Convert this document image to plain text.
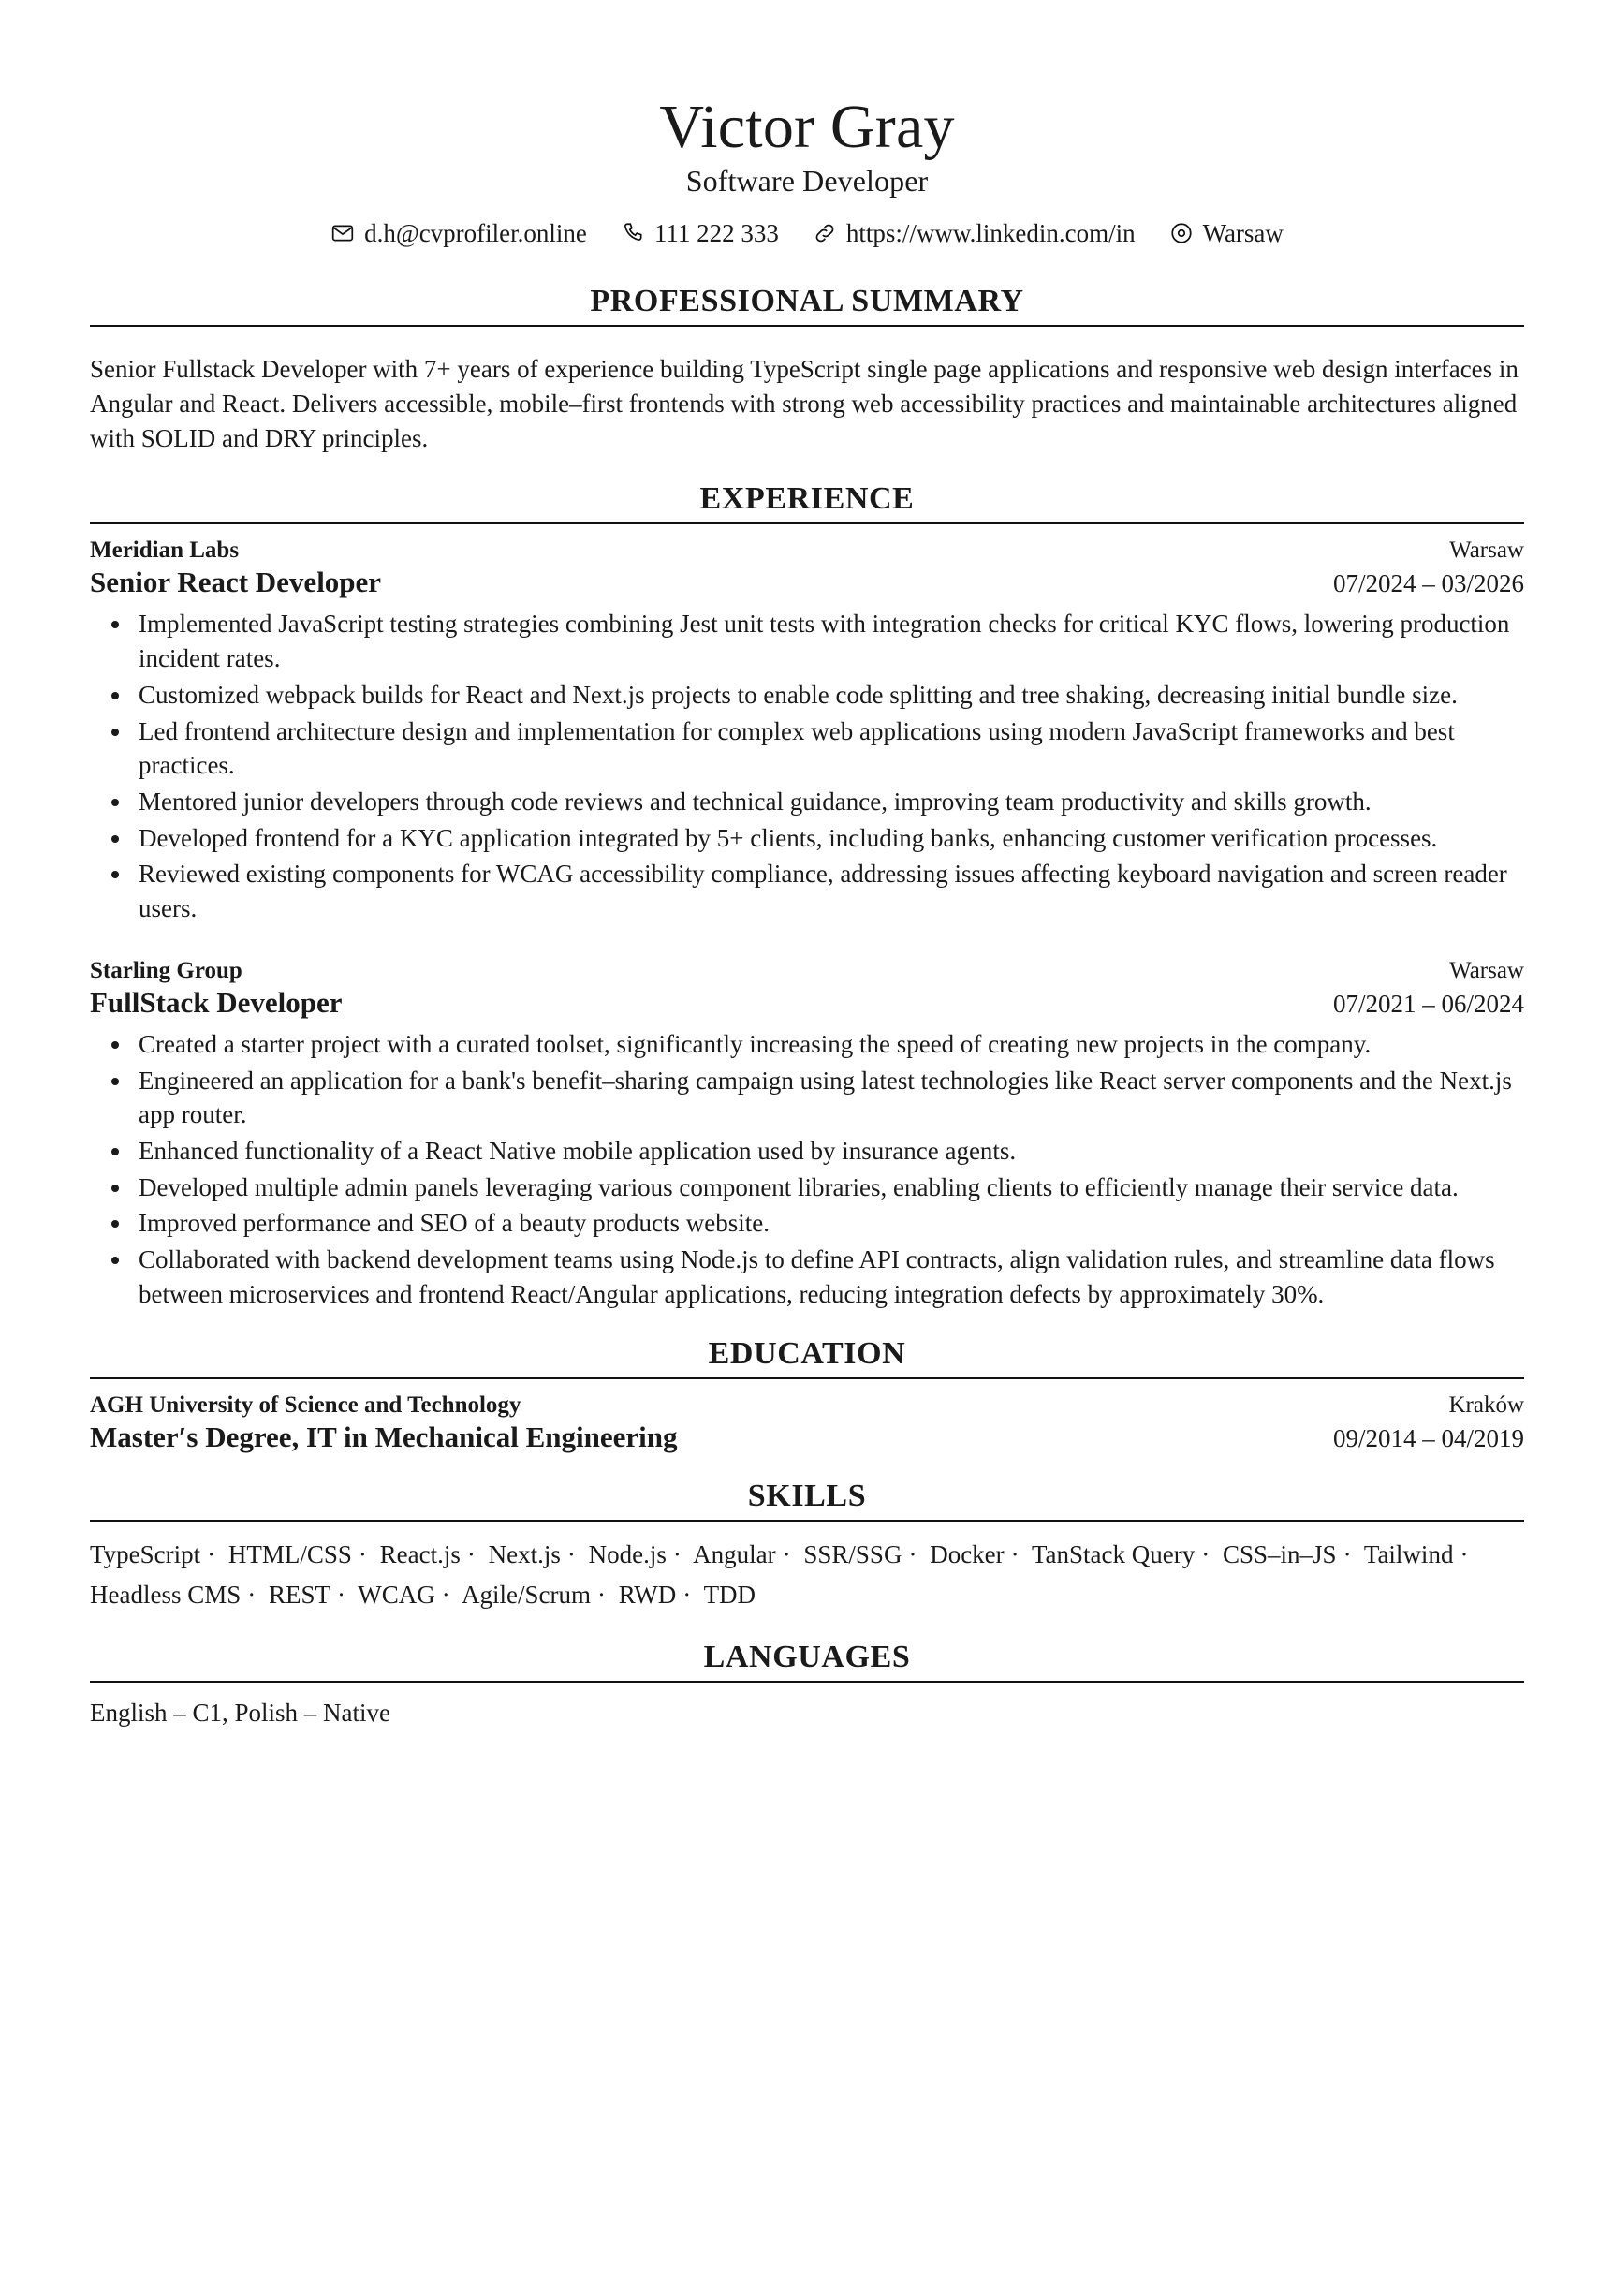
Victor Gray
Software Developer
d.h@cvprofiler.online	111 222 333	https://www.linkedin.com/in	Warsaw
PROFESSIONAL SUMMARY

Senior Fullstack Developer with 7+ years of experience building TypeScript single page applications and responsive web design interfaces in Angular and React. Delivers accessible, mobile–first frontends with strong web accessibility practices and maintainable architectures aligned with SOLID and DRY principles.

EXPERIENCE
Meridian Labs	Warsaw
Senior React Developer	07/2024 – 03/2026
• Implemented JavaScript testing strategies combining Jest unit tests with integration checks for critical KYC flows, lowering production incident rates.
• Customized webpack builds for React and Next.js projects to enable code splitting and tree shaking, decreasing initial bundle size.
• Led frontend architecture design and implementation for complex web applications using modern JavaScript frameworks and best practices.
• Mentored junior developers through code reviews and technical guidance, improving team productivity and skills growth.
• Developed frontend for a KYC application integrated by 5+ clients, including banks, enhancing customer verification processes.
• Reviewed existing components for WCAG accessibility compliance, addressing issues affecting keyboard navigation and screen reader users.
Starling Group	Warsaw
FullStack Developer	07/2021 – 06/2024
• Created a starter project with a curated toolset, significantly increasing the speed of creating new projects in the company.
• Engineered an application for a bank's benefit–sharing campaign using latest technologies like React server components and the Next.js app router.
• Enhanced functionality of a React Native mobile application used by insurance agents.
• Developed multiple admin panels leveraging various component libraries, enabling clients to efficiently manage their service data.
• Improved performance and SEO of a beauty products website.
• Collaborated with backend development teams using Node.js to define API contracts, align validation rules, and streamline data flows between microservices and frontend React/Angular applications, reducing integration defects by approximately 30%.
EDUCATION
AGH University of Science and Technology	Kraków
Master′s Degree, IT in Mechanical Engineering	09/2014 – 04/2019
SKILLS
TypeScript · HTML/CSS · React.js · Next.js · Node.js · Angular · SSR/SSG · Docker · TanStack Query · CSS–in–JS · Tailwind · Headless CMS · REST · WCAG · Agile/Scrum · RWD · TDD
LANGUAGES
English – C1, Polish – Native
